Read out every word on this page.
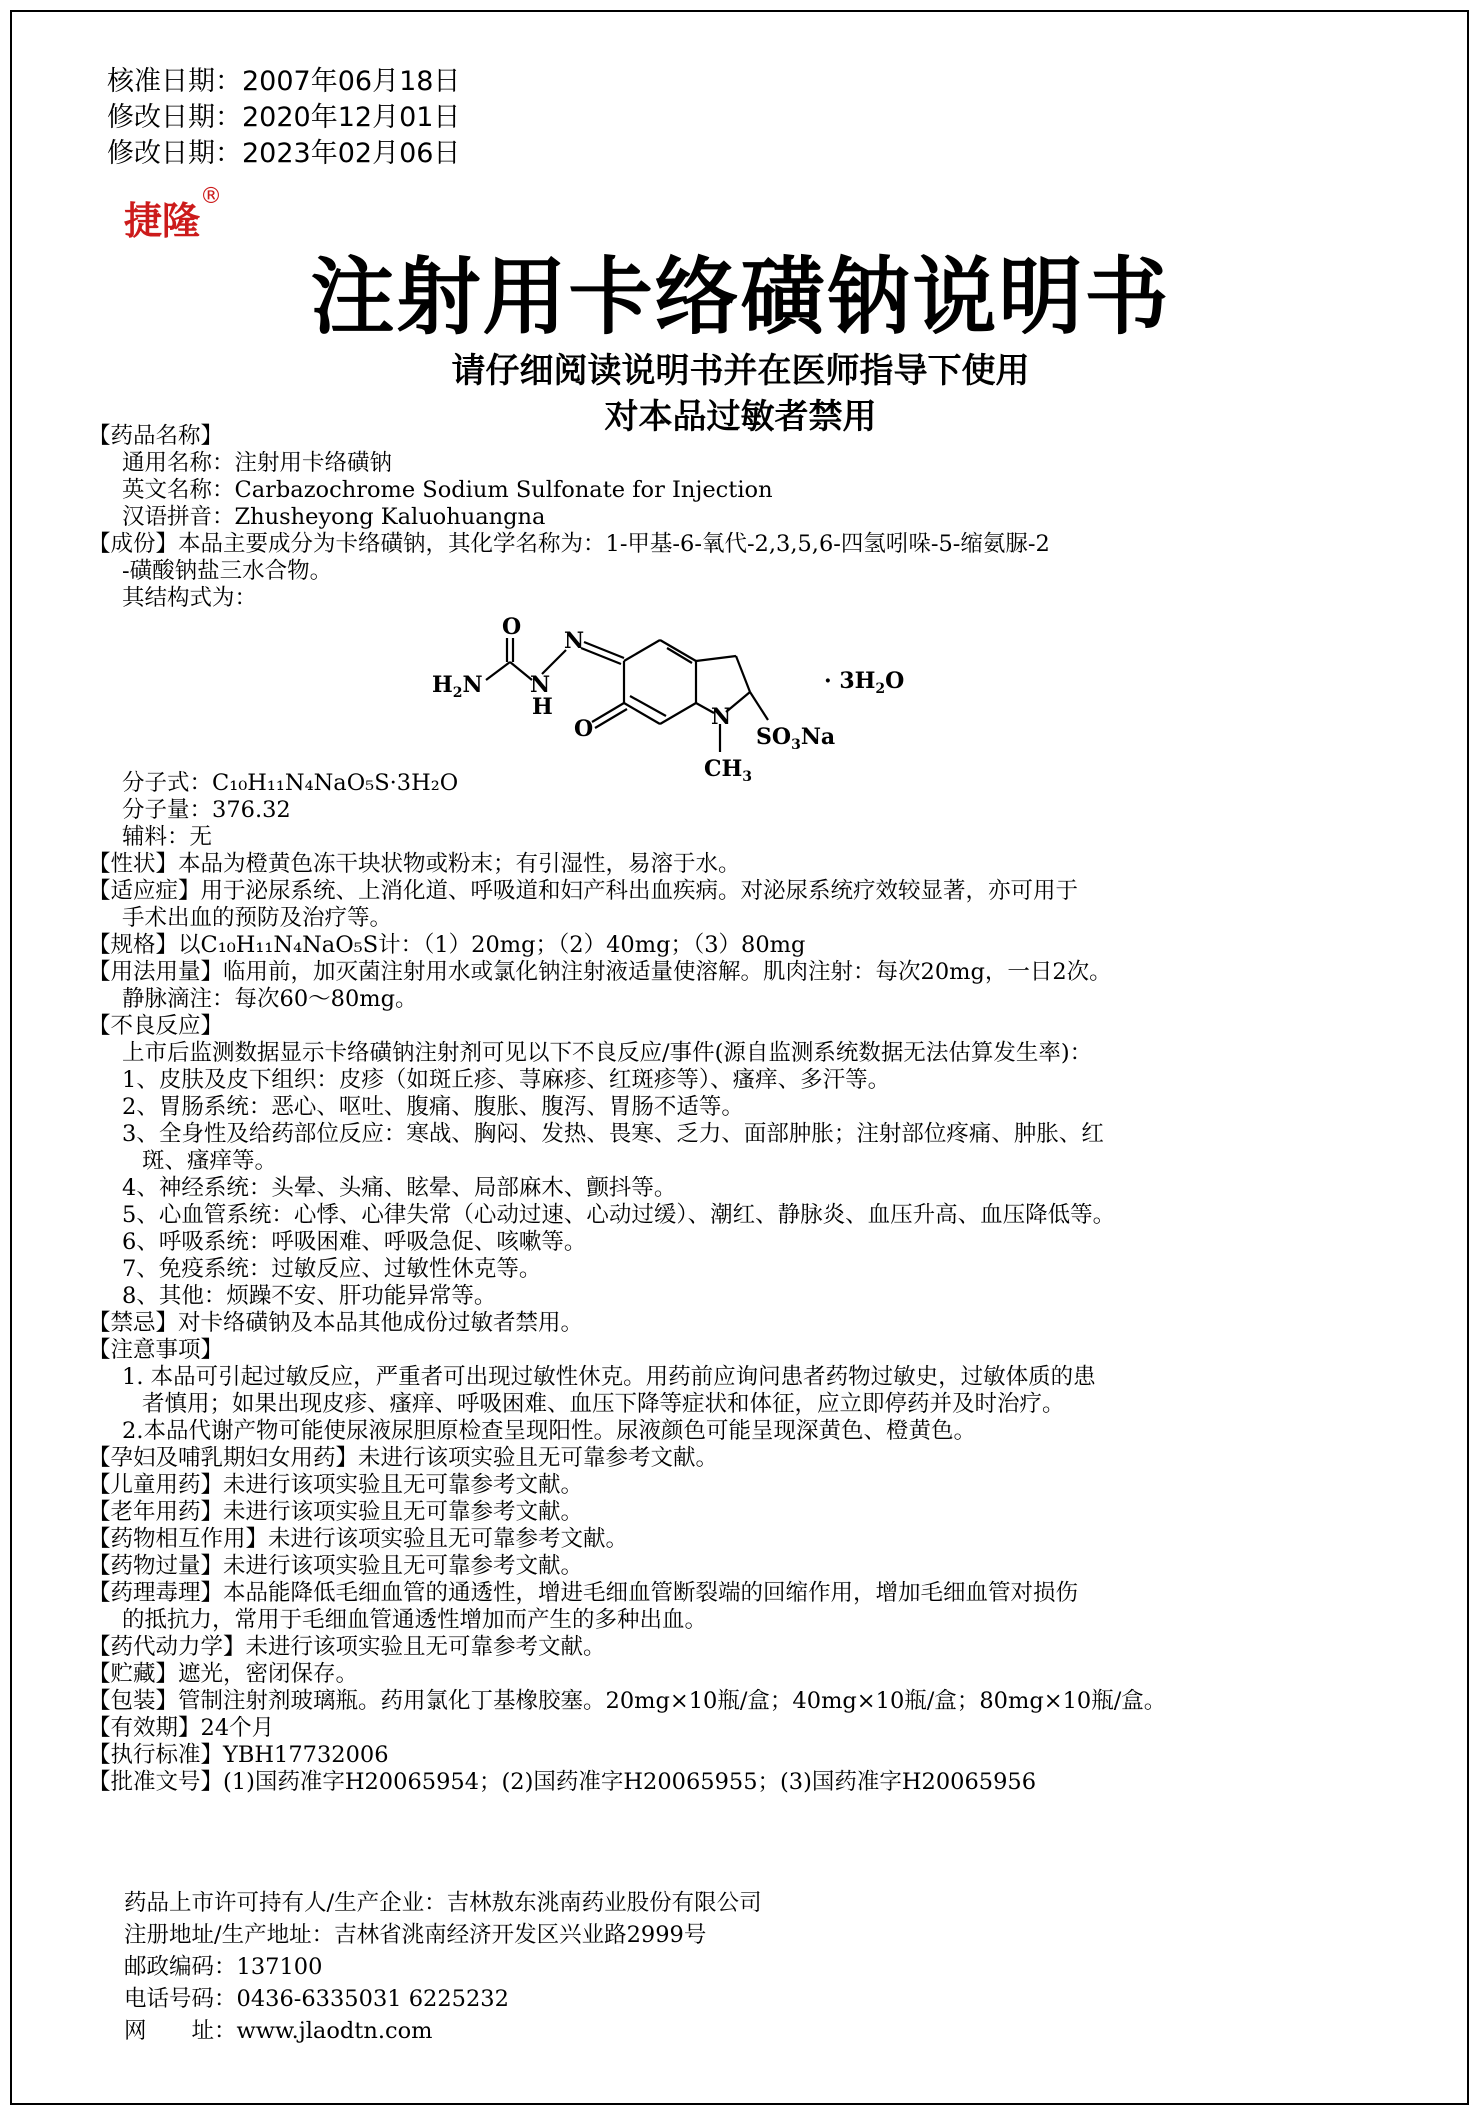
核准日期：2007年06月18日
修改日期：2020年12月01日
修改日期：2023年02月06日
捷隆®
注射用卡络磺钠说明书
请仔细阅读说明书并在医师指导下使用
对本品过敏者禁用

【药品名称】

通用名称：注射用卡络磺钠

英文名称：Carbazochrome Sodium Sulfonate for Injection

汉语拼音：Zhusheyong Kaluohuangna

【成份】本品主要成分为卡络磺钠，其化学名称为：1-甲基-6-氧代-2,3,5,6-四氢吲哚-5-缩氨脲-2

-磺酸钠盐三水合物。

其结构式为：

O
$H_2N$ N
H
N
O	N
$CH_3$
$SO_3Na$
· $3H_2O$

分子式：C₁₀H₁₁N₄NaO₅S·3H₂O

分子量：376.32

辅料：无

【性状】本品为橙黄色冻干块状物或粉末；有引湿性，易溶于水。

【适应症】用于泌尿系统、上消化道、呼吸道和妇产科出血疾病。对泌尿系统疗效较显著，亦可用于

手术出血的预防及治疗等。

【规格】以C₁₀H₁₁N₄NaO₅S计：（1）20mg；（2）40mg；（3）80mg

【用法用量】临用前，加灭菌注射用水或氯化钠注射液适量使溶解。肌肉注射：每次20mg，一日2次。

静脉滴注：每次60～80mg。

【不良反应】

上市后监测数据显示卡络磺钠注射剂可见以下不良反应/事件(源自监测系统数据无法估算发生率)：

1、皮肤及皮下组织：皮疹（如斑丘疹、荨麻疹、红斑疹等）、瘙痒、多汗等。

2、胃肠系统：恶心、呕吐、腹痛、腹胀、腹泻、胃肠不适等。

3、全身性及给药部位反应：寒战、胸闷、发热、畏寒、乏力、面部肿胀；注射部位疼痛、肿胀、红

斑、瘙痒等。

4、神经系统：头晕、头痛、眩晕、局部麻木、颤抖等。

5、心血管系统：心悸、心律失常（心动过速、心动过缓）、潮红、静脉炎、血压升高、血压降低等。

6、呼吸系统：呼吸困难、呼吸急促、咳嗽等。

7、免疫系统：过敏反应、过敏性休克等。

8、其他：烦躁不安、肝功能异常等。

【禁忌】对卡络磺钠及本品其他成份过敏者禁用。

【注意事项】

1. 本品可引起过敏反应，严重者可出现过敏性休克。用药前应询问患者药物过敏史，过敏体质的患

者慎用；如果出现皮疹、瘙痒、呼吸困难、血压下降等症状和体征，应立即停药并及时治疗。

2.本品代谢产物可能使尿液尿胆原检查呈现阳性。尿液颜色可能呈现深黄色、橙黄色。

【孕妇及哺乳期妇女用药】未进行该项实验且无可靠参考文献。

【儿童用药】未进行该项实验且无可靠参考文献。

【老年用药】未进行该项实验且无可靠参考文献。

【药物相互作用】未进行该项实验且无可靠参考文献。

【药物过量】未进行该项实验且无可靠参考文献。

【药理毒理】本品能降低毛细血管的通透性，增进毛细血管断裂端的回缩作用，增加毛细血管对损伤

的抵抗力，常用于毛细血管通透性增加而产生的多种出血。

【药代动力学】未进行该项实验且无可靠参考文献。

【贮藏】遮光，密闭保存。

【包装】管制注射剂玻璃瓶。药用氯化丁基橡胶塞。20mg×10瓶/盒；40mg×10瓶/盒；80mg×10瓶/盒。

【有效期】24个月

【执行标准】YBH17732006

【批准文号】(1)国药准字H20065954；(2)国药准字H20065955；(3)国药准字H20065956

药品上市许可持有人/生产企业：吉林敖东洮南药业股份有限公司

注册地址/生产地址：吉林省洮南经济开发区兴业路2999号

邮政编码：137100

电话号码：0436-6335031 6225232

网　　址：www.jlaodtn.com
